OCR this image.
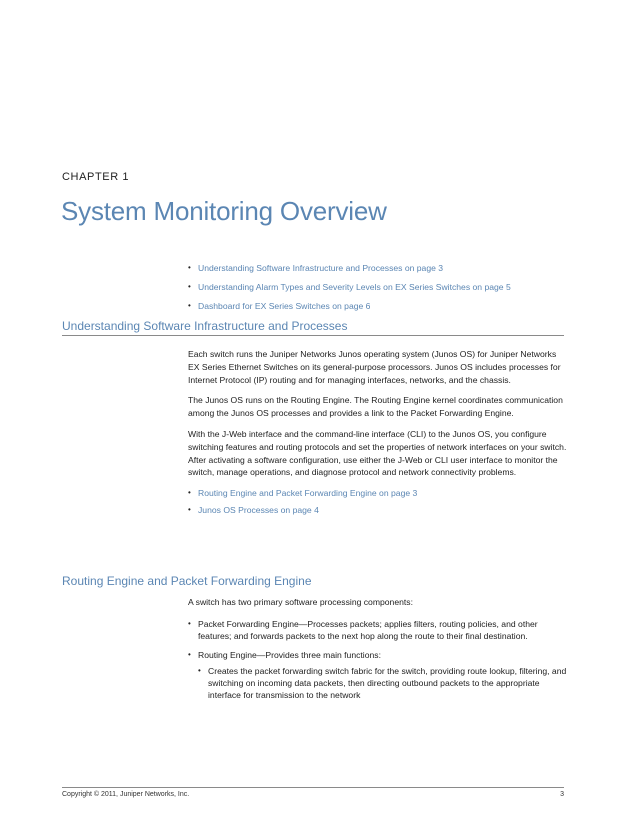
CHAPTER 1
System Monitoring Overview
• Understanding Software Infrastructure and Processes on page 3
• Understanding Alarm Types and Severity Levels on EX Series Switches on page 5
• Dashboard for EX Series Switches on page 6
Understanding Software Infrastructure and Processes

Each switch runs the Juniper Networks Junos operating system (Junos OS) for Juniper Networks EX Series Ethernet Switches on its general-purpose processors. Junos OS includes processes for Internet Protocol (IP) routing and for managing interfaces, networks, and the chassis.

The Junos OS runs on the Routing Engine. The Routing Engine kernel coordinates communication among the Junos OS processes and provides a link to the Packet Forwarding Engine.

With the J-Web interface and the command-line interface (CLI) to the Junos OS, you configure switching features and routing protocols and set the properties of network interfaces on your switch. After activating a software configuration, use either the J-Web or CLI user interface to monitor the switch, manage operations, and diagnose protocol and network connectivity problems.

• Routing Engine and Packet Forwarding Engine on page 3
• Junos OS Processes on page 4
Routing Engine and Packet Forwarding Engine

A switch has two primary software processing components:

• Packet Forwarding Engine—Processes packets; applies filters, routing policies, and other features; and forwards packets to the next hop along the route to their final destination.
• Routing Engine—Provides three main functions:
• Creates the packet forwarding switch fabric for the switch, providing route lookup, filtering, and switching on incoming data packets, then directing outbound packets to the appropriate interface for transmission to the network
Copyright © 2011, Juniper Networks, Inc.	3
